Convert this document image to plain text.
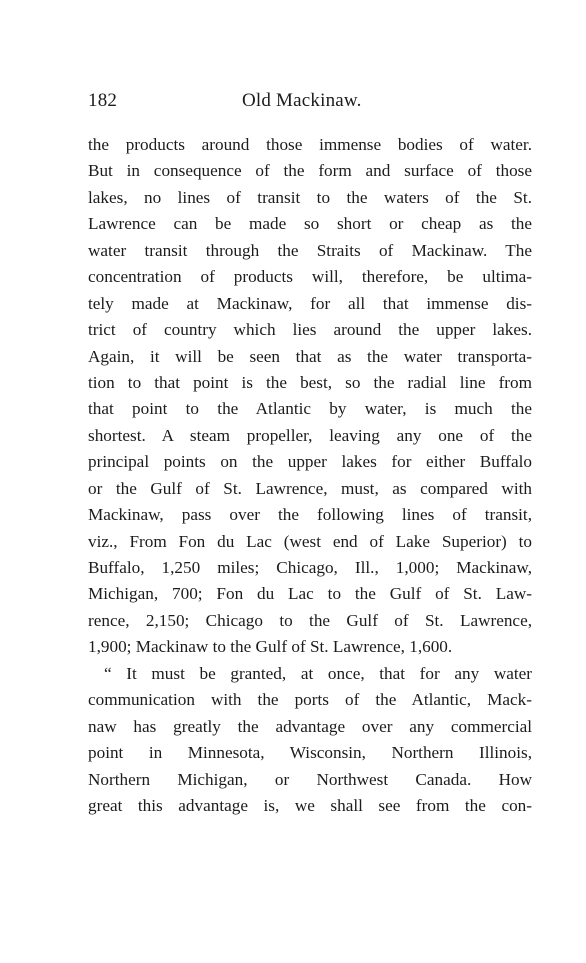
182	Old Mackinaw.
the products around those immense bodies of water.
But in consequence of the form and surface of those
lakes, no lines of transit to the waters of the St.
Lawrence can be made so short or cheap as the
water transit through the Straits of Mackinaw. The
concentration of products will, therefore, be ultima-
tely made at Mackinaw, for all that immense dis-
trict of country which lies around the upper lakes.
Again, it will be seen that as the water transporta-
tion to that point is the best, so the radial line from
that point to the Atlantic by water, is much the
shortest. A steam propeller, leaving any one of the
principal points on the upper lakes for either Buffalo
or the Gulf of St. Lawrence, must, as compared with
Mackinaw, pass over the following lines of transit,
viz., From Fon du Lac (west end of Lake Superior) to
Buffalo, 1,250 miles; Chicago, Ill., 1,000; Mackinaw,
Michigan, 700; Fon du Lac to the Gulf of St. Law-
rence, 2,150; Chicago to the Gulf of St. Lawrence,
1,900; Mackinaw to the Gulf of St. Lawrence, 1,600.
“ It must be granted, at once, that for any water
communication with the ports of the Atlantic, Mack-
naw has greatly the advantage over any commercial
point in Minnesota, Wisconsin, Northern Illinois,
Northern Michigan, or Northwest Canada. How
great this advantage is, we shall see from the con-
